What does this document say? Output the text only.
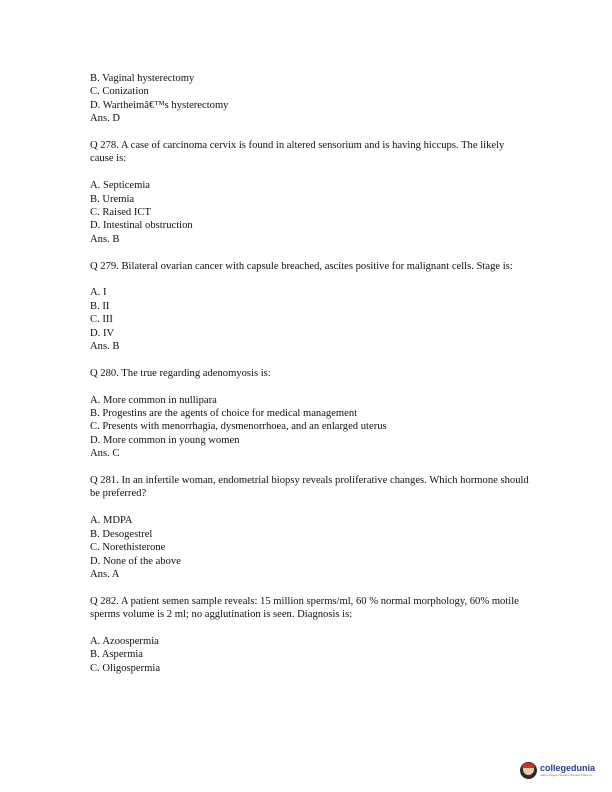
B. Vaginal hysterectomy
C. Conization
D. Wartheimâ€™s hysterectomy
Ans. D
Q 278. A case of carcinoma cervix is found in altered sensorium and is having hiccups. The likely cause is:
A. Septicemia
B. Uremia
C. Raised ICT
D. Intestinal obstruction
Ans. B
Q 279. Bilateral ovarian cancer with capsule breached, ascites positive for malignant cells. Stage is:
A. I
B. II
C. III
D. IV
Ans. B
Q 280. The true regarding adenomyosis is:
A. More common in nullipara
B. Progestins are the agents of choice for medical management
C. Presents with menorrhagia, dysmenorrhoea, and an enlarged uterus
D. More common in young women
Ans. C
Q 281. In an infertile woman, endometrial biopsy reveals proliferative changes. Which hormone should be preferred?
A. MDPA
B. Desogestrel
C. Norethisterone
D. None of the above
Ans. A
Q 282. A patient semen sample reveals: 15 million sperms/ml, 60 % normal morphology, 60% motile sperms volume is 2 ml; no agglutination is seen. Diagnosis is:
A. Azoospermia
B. Aspermia
C. Oligospermia
collegedunia
India's largest Student Review Platform
